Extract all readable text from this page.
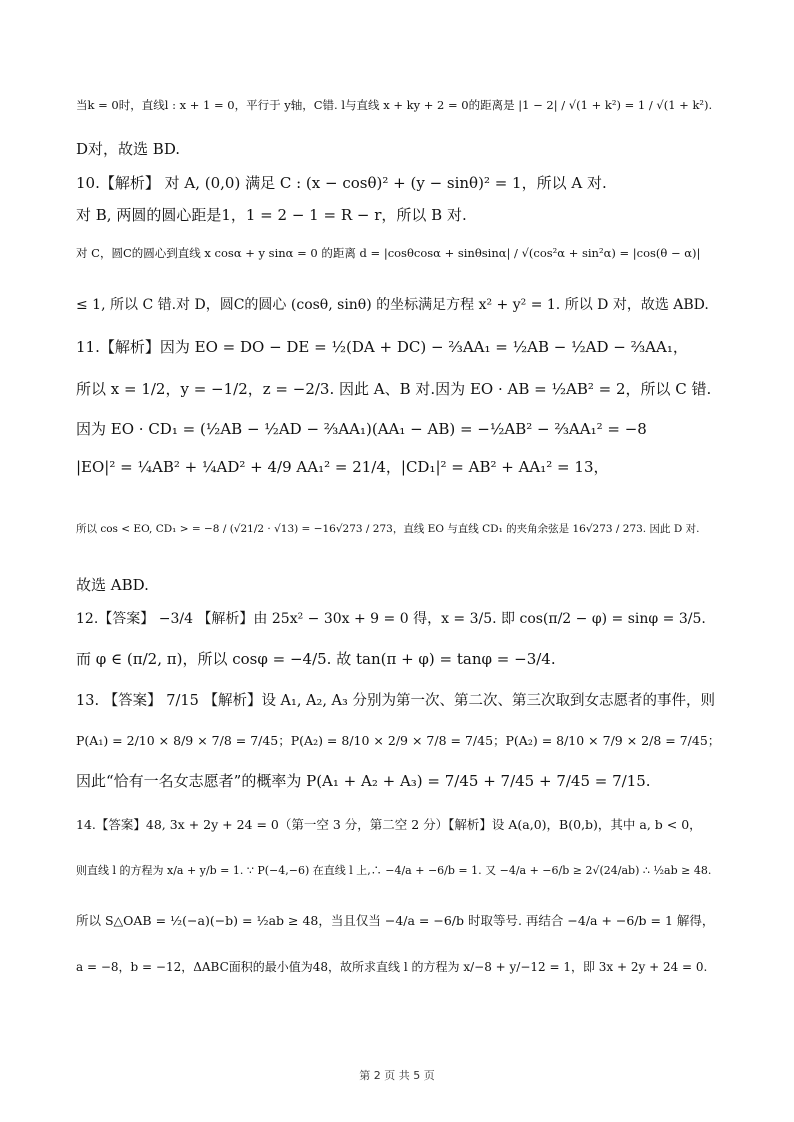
当k = 0时，直线l : x + 1 = 0，平行于 y轴，C错. l与直线 x + ky + 2 = 0的距离是 |1 − 2| / √(1 + k²) = 1 / √(1 + k²).
D对，故选 BD.
10.【解析】 对 A, (0,0) 满足 C : (x − cosθ)² + (y − sinθ)² = 1，所以 A 对.
对 B, 两圆的圆心距是1，1 = 2 − 1 = R − r，所以 B 对.
对 C，圆C的圆心到直线 x cosα + y sinα = 0 的距离 d = |cosθcosα + sinθsinα| / √(cos²α + sin²α) = |cos(θ − α)|
≤ 1, 所以 C 错.对 D，圆C的圆心 (cosθ, sinθ) 的坐标满足方程 x² + y² = 1. 所以 D 对，故选 ABD.
11.【解析】因为 EO = DO − DE = ½(DA + DC) − ⅔AA₁ = ½AB − ½AD − ⅔AA₁，
所以 x = 1/2，y = −1/2，z = −2/3. 因此 A、B 对.因为 EO · AB = ½AB² = 2，所以 C 错.
因为 EO · CD₁ = (½AB − ½AD − ⅔AA₁)(AA₁ − AB) = −½AB² − ⅔AA₁² = −8
|EO|² = ¼AB² + ¼AD² + 4/9 AA₁² = 21/4，|CD₁|² = AB² + AA₁² = 13，
所以 cos < EO, CD₁ > = −8 / (√21/2 · √13) = −16√273 / 273，直线 EO 与直线 CD₁ 的夹角余弦是 16√273 / 273. 因此 D 对.
故选 ABD.
12.【答案】 −3/4 【解析】由 25x² − 30x + 9 = 0 得，x = 3/5. 即 cos(π/2 − φ) = sinφ = 3/5.
而 φ ∈ (π/2, π)，所以 cosφ = −4/5. 故 tan(π + φ) = tanφ = −3/4.
13. 【答案】 7/15 【解析】设 A₁, A₂, A₃ 分别为第一次、第二次、第三次取到女志愿者的事件，则
P(A₁) = 2/10 × 8/9 × 7/8 = 7/45；P(A₂) = 8/10 × 2/9 × 7/8 = 7/45；P(A₂) = 8/10 × 7/9 × 2/8 = 7/45；
因此“恰有一名女志愿者”的概率为 P(A₁ + A₂ + A₃) = 7/45 + 7/45 + 7/45 = 7/15.
14.【答案】48, 3x + 2y + 24 = 0（第一空 3 分，第二空 2 分）【解析】设 A(a,0)，B(0,b)，其中 a, b < 0，
则直线 l 的方程为 x/a + y/b = 1. ∵ P(−4,−6) 在直线 l 上,∴ −4/a + −6/b = 1. 又 −4/a + −6/b ≥ 2√(24/ab) ∴ ½ab ≥ 48.
所以 S△OAB = ½(−a)(−b) = ½ab ≥ 48，当且仅当 −4/a = −6/b 时取等号. 再结合 −4/a + −6/b = 1 解得，
a = −8，b = −12，ΔABC面积的最小值为48，故所求直线 l 的方程为 x/−8 + y/−12 = 1，即 3x + 2y + 24 = 0.
第 2 页 共 5 页
